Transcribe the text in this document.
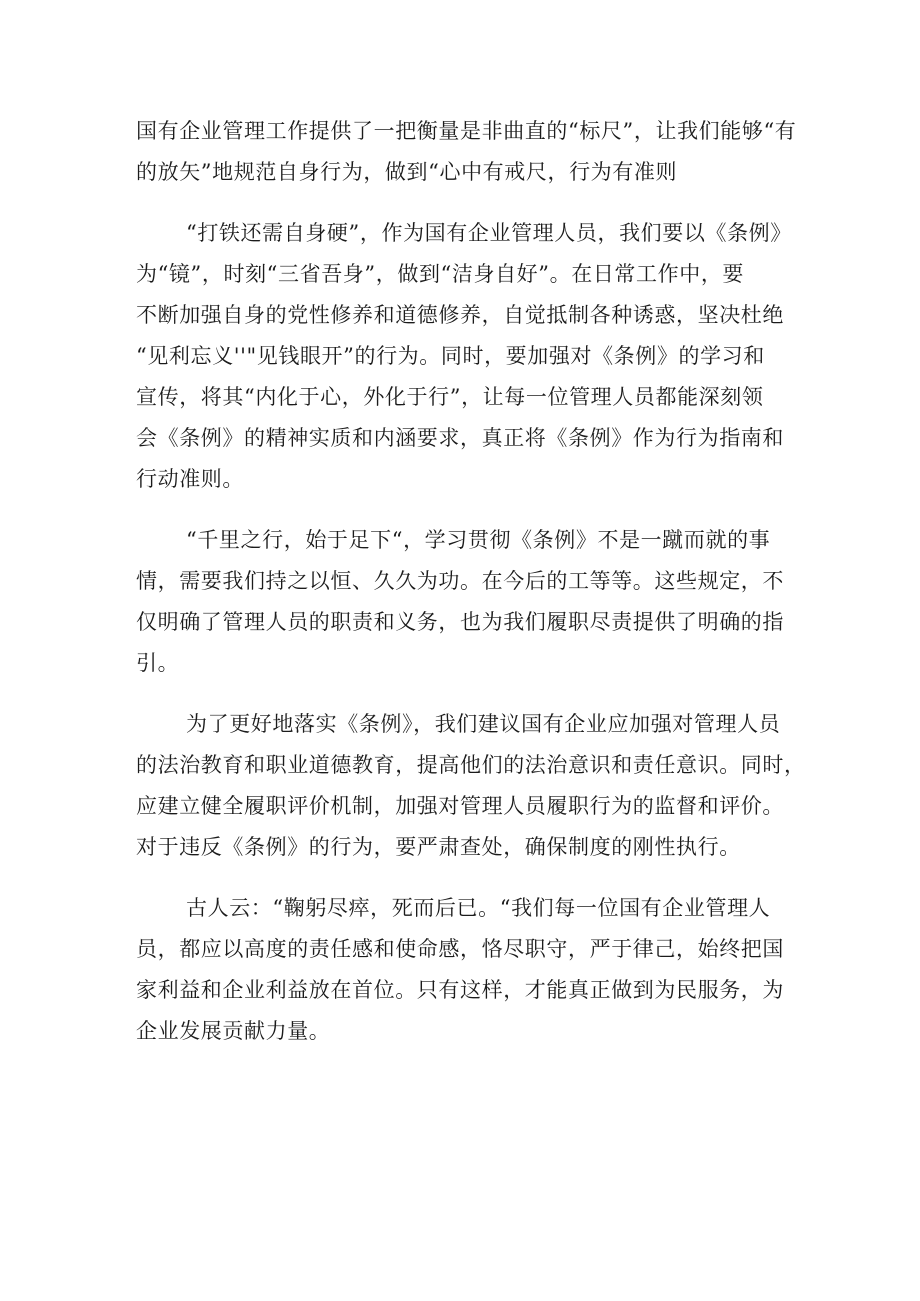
国有企业管理工作提供了一把衡量是非曲直的“标尺”，让我们能够“有
的放矢”地规范自身行为，做到“心中有戒尺，行为有准则
“打铁还需自身硬”，作为国有企业管理人员，我们要以《条例》
为“镜”，时刻“三省吾身”，做到“洁身自好”。在日常工作中，要
不断加强自身的党性修养和道德修养，自觉抵制各种诱惑，坚决杜绝
“见利忘义''"见钱眼开”的行为。同时，要加强对《条例》的学习和
宣传，将其“内化于心，外化于行”，让每一位管理人员都能深刻领
会《条例》的精神实质和内涵要求，真正将《条例》作为行为指南和
行动准则。
“千里之行，始于足下“，学习贯彻《条例》不是一蹴而就的事
情，需要我们持之以恒、久久为功。在今后的工等等。这些规定，不
仅明确了管理人员的职责和义务，也为我们履职尽责提供了明确的指
引。
为了更好地落实《条例》，我们建议国有企业应加强对管理人员
的法治教育和职业道德教育，提高他们的法治意识和责任意识。同时，
应建立健全履职评价机制，加强对管理人员履职行为的监督和评价。
对于违反《条例》的行为，要严肃查处，确保制度的刚性执行。
古人云：“鞠躬尽瘁，死而后已。“我们每一位国有企业管理人
员，都应以高度的责任感和使命感，恪尽职守，严于律己，始终把国
家利益和企业利益放在首位。只有这样，才能真正做到为民服务，为
企业发展贡献力量。
